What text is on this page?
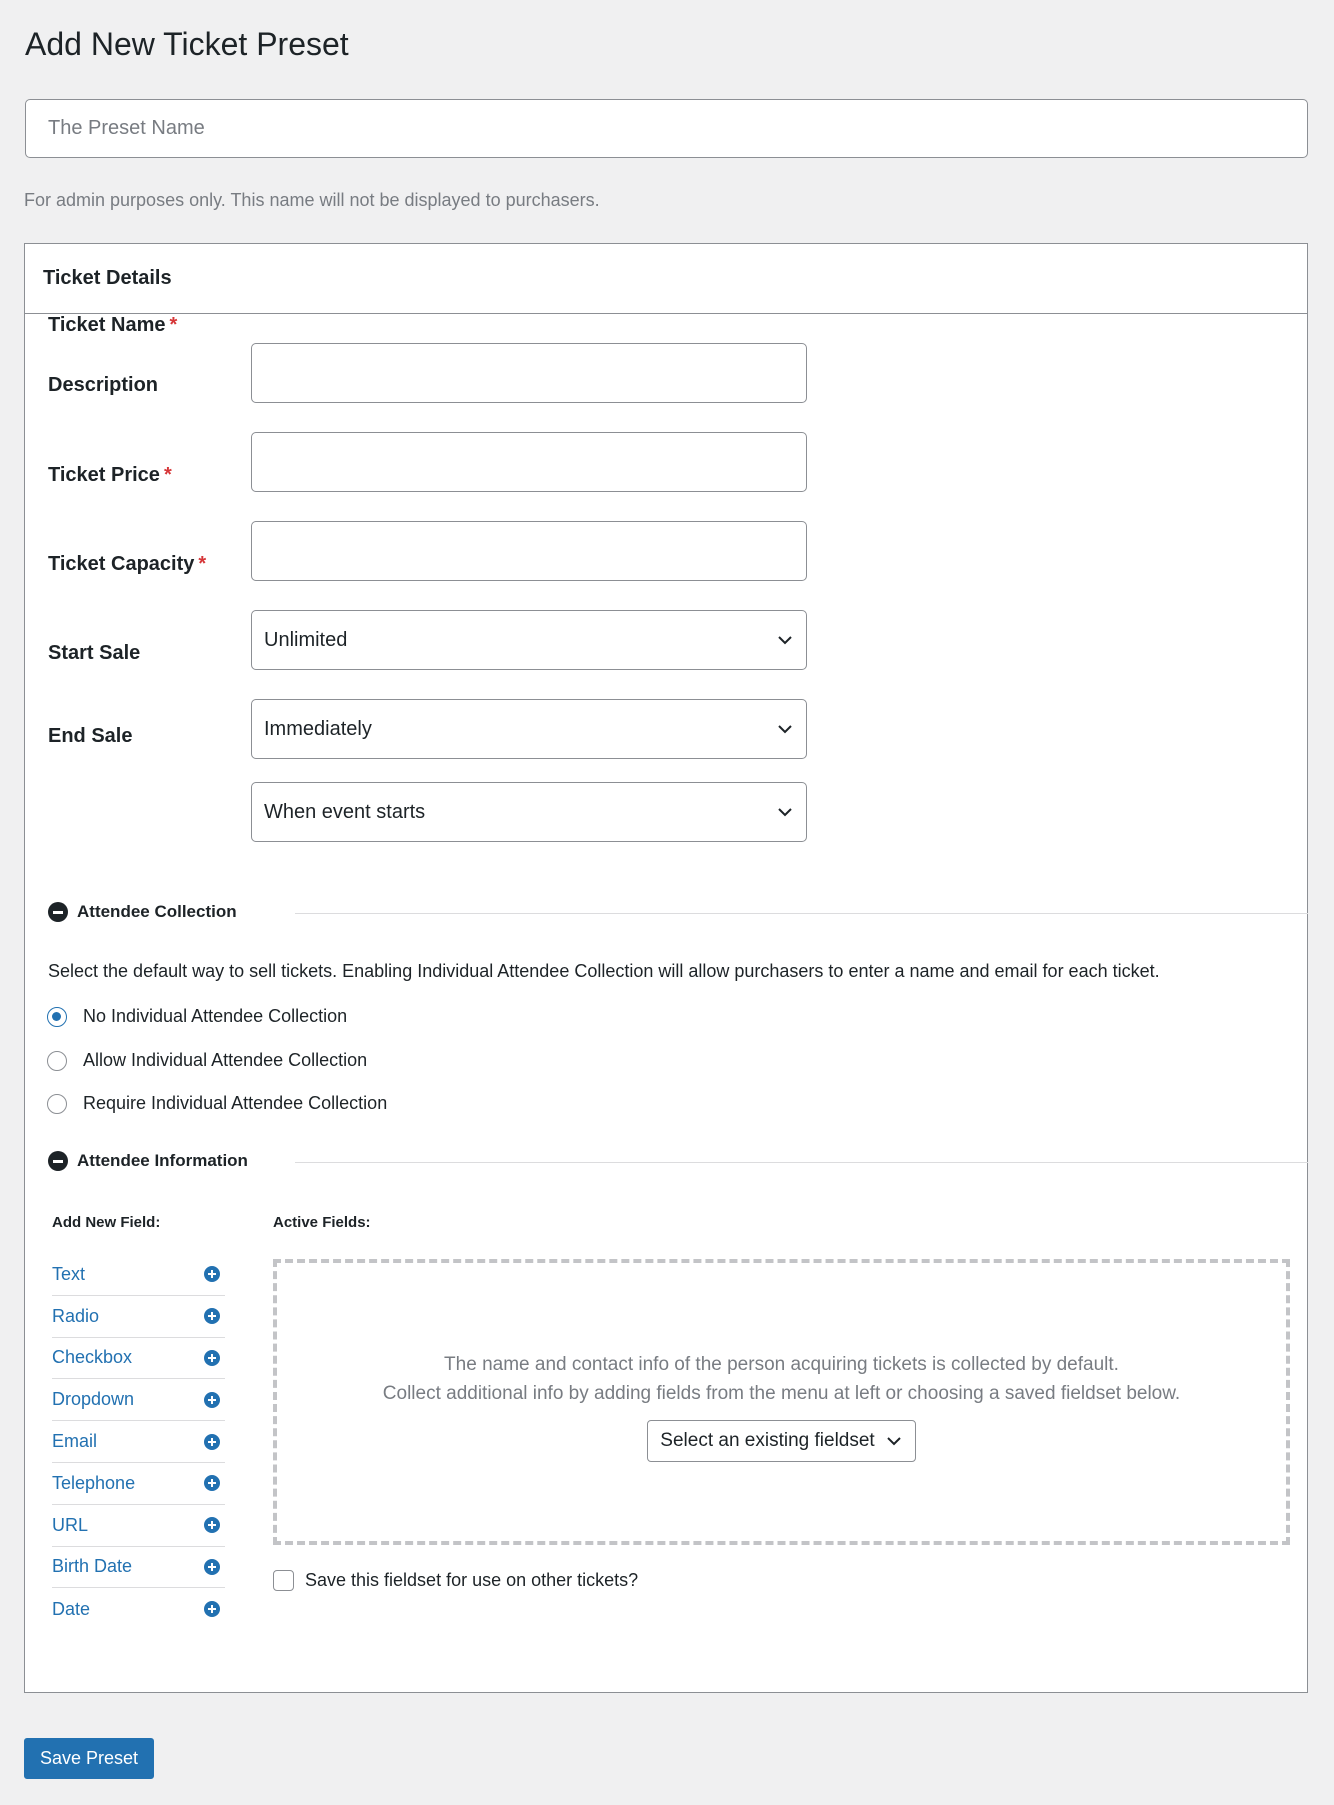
Add New Ticket Preset
The Preset Name
For admin purposes only. This name will not be displayed to purchasers.
Ticket Details
Ticket Name *
Description
Ticket Price *
Ticket Capacity *
Unlimited
Start Sale
Immediately
End Sale
When event starts
Attendee Collection
Select the default way to sell tickets. Enabling Individual Attendee Collection will allow purchasers to enter a name and email for each ticket.
No Individual Attendee Collection
Allow Individual Attendee Collection
Require Individual Attendee Collection
Attendee Information
Add New Field:	Active Fields:
Text
Radio
Checkbox
Dropdown
Email
Telephone
URL
Birth Date
Date
The name and contact info of the person acquiring tickets is collected by default.
Collect additional info by adding fields from the menu at left or choosing a saved fieldset below.
Select an existing fieldset
Save this fieldset for use on other tickets?
Save Preset
